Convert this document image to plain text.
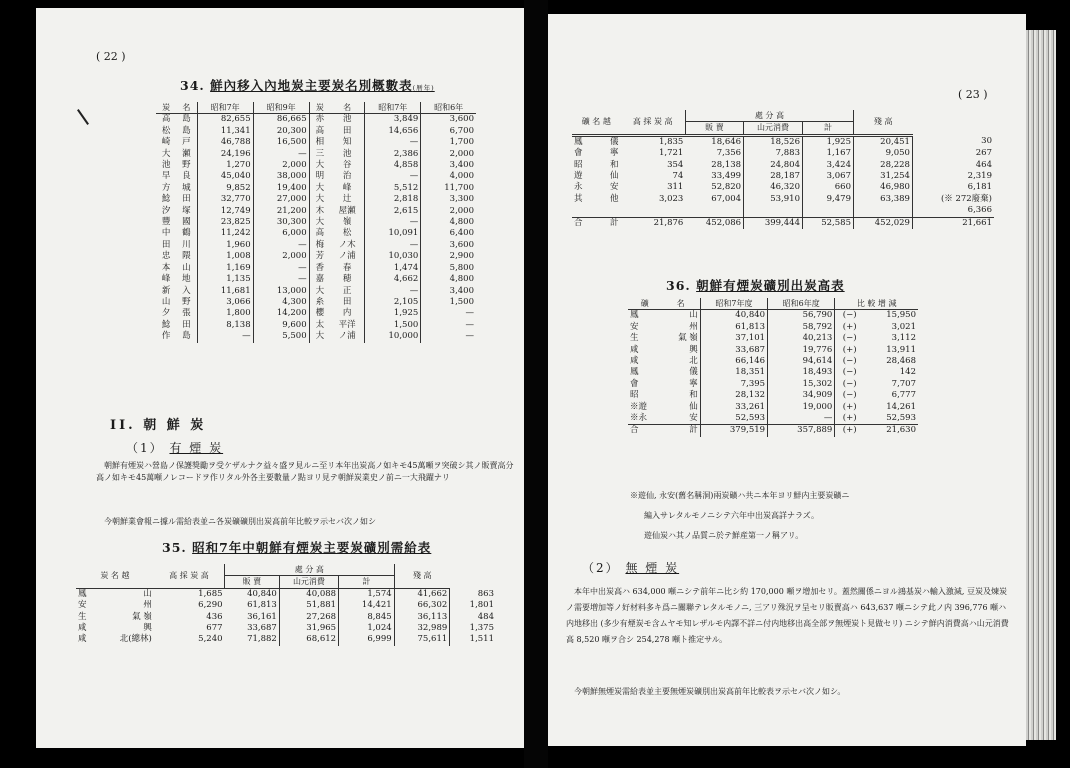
( 22 )
34. 鮮內移入內地炭主要炭名別概數表(暦年)
炭	名	昭和7年	昭和9年	炭	名	昭和7年	昭和6年
高	島	82,655	86,665	赤	池	3,849	3,600
松	島	11,341	20,300	高	田	14,656	6,700
崎	戸	46,788	16,500	相	知	—	1,700
大	瀬	24,196	—	三	池	2,386	2,000
池	野	1,270	2,000	大	谷	4,858	3,400
早	良	45,040	38,000	明	治	—	4,000
方	城	9,852	19,400	大	峰	5,512	11,700
鯰	田	32,770	27,000	大	辻	2,818	3,300
汐	塚	12,749	21,200	木	屋瀬	2,615	2,000
豐	國	23,825	30,300	大	嶺	—	4,800
中	鶴	11,242	6,000	高	松	10,091	6,400
田	川	1,960	—	梅	ノ木	—	3,600
忠	隈	1,008	2,000	芳	ノ浦	10,030	2,900
本	山	1,169	—	香	春	1,474	5,800
峰	地	1,135	—	嘉	穂	4,662	4,800
新	入	11,681	13,000	大	正	—	3,400
山	野	3,066	4,300	糸	田	2,105	1,500
夕	張	1,800	14,200	櫻	内	1,925	—
鯰	田	8,138	9,600	太	平洋	1,500	—
作	島	—	5,500	大	ノ浦	10,000	—
II. 朝 鮮 炭
（1） 有 煙 炭
朝鮮有煙炭ハ營島ノ保護獎勵ヲ受ケザルナク益々盛ヲ見ルニ至リ本年出炭高ノ如キモ45萬噸ヲ突破シ其ノ販賣高分高ノ如キモ45萬噸ノレコードヲ作リタル外各主要數量ノ點ヨリ見テ朝鮮炭業史ノ前ニ一大飛躍ナリ
今朝鮮業會報ニ據ル需給表並ニ各炭礦礦別出炭高前年比較ヲ示セバ次ノ如シ
35. 昭和7年中朝鮮有煙炭主要炭礦別需給表
炭 名 越		高 採 炭 高	處 分 高			殘 高	
			販 賣	山元消費	計		
鳳	山	1,685	40,840	40,088	1,574	41,662	863
安	州	6,290	61,813	51,881	14,421	66,302	1,801
生	氣 嶺	436	36,161	27,268	8,845	36,113	484
咸	興	677	33,687	31,965	1,024	32,989	1,375
咸	北(總林)	5,240	71,882	68,612	6,999	75,611	1,511
( 23 )
礦 名 越		高 採 炭 高	處 分 高			殘 高	
			販 賣	山元消費	計		
鳳	儀	1,835	18,646	18,526	1,925	20,451	30
會	寧	1,721	7,356	7,883	1,167	9,050	267
昭	和	354	28,138	24,804	3,424	28,228	464
遊	仙	74	33,499	28,187	3,067	31,254	2,319
永	安	311	52,820	46,320	660	46,980	6,181
其	他	3,023	67,004	53,910	9,479	63,389	(※ 272廢棄)
							6,366
合	計	21,876	452,086	399,444	52,585	452,029	21,661
36. 朝鮮有煙炭礦別出炭高表
礦	名	昭和7年度	昭和6年度	比 較 增 減	
鳳	山	40,840	56,790	(−)	15,950
安	州	61,813	58,792	(+)	3,021
生	氣 嶺	37,101	40,213	(−)	3,112
咸	興	33,687	19,776	(+)	13,911
咸	北	66,146	94,614	(−)	28,468
鳳	儀	18,351	18,493	(−)	142
會	寧	7,395	15,302	(−)	7,707
昭	和	28,132	34,909	(−)	6,777
※遊	仙	33,261	19,000	(+)	14,261
※永	安	52,593	—	(+)	52,593
合	計	379,519	357,889	(+)	21,630
※遊仙, 永安(舊名稱洞)兩炭礦ハ共ニ本年ヨリ鮮内主要炭礦ニ
編入サレタルモノニシテ六年中出炭高詳ナラズ。
遊仙炭ハ其ノ品質ニ於テ鮮産第一ノ稱アリ。
（2） 無 煙 炭
本年中出炭高ハ 634,000 噸ニシテ前年ニ比シ約 170,000 噸ヲ增加セリ。蓋然關係ニヨル鴻基炭ハ輸入激減, 豆炭及煉炭ノ需要増加等ノ好材料多キ爲ニ關聯テレタルモノニ, 三アリ殊況ヲ呈セリ販賣高ハ 643,637 噸ニシテ此ノ内 396,776 噸ハ内地移出 (多少有煙炭モ含ムヤモ知レザルモ内譯不詳ニ付内地移出高全部ヲ無煙炭ト見做セリ) ニシテ鮮内消費高ハ山元消費高 8,520 噸ヲ合シ 254,278 噸ト推定サル。
今朝鮮無煙炭需給表並主要無煙炭礦別出炭高前年比較表ヲ示セバ次ノ如シ。
